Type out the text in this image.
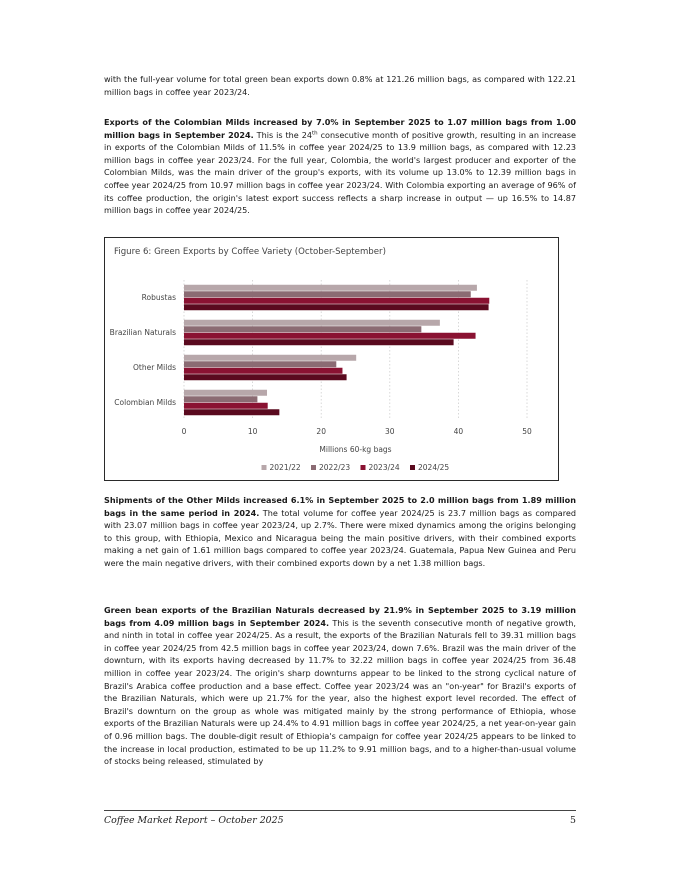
with the full-year volume for total green bean exports down 0.8% at 121.26 million bags, as compared with 122.21 million bags in coffee year 2023/24.

Exports of the Colombian Milds increased by 7.0% in September 2025 to 1.07 million bags from 1.00 million bags in September 2024. This is the 24th consecutive month of positive growth, resulting in an increase in exports of the Colombian Milds of 11.5% in coffee year 2024/25 to 13.9 million bags, as compared with 12.23 million bags in coffee year 2023/24. For the full year, Colombia, the world's largest producer and exporter of the Colombian Milds, was the main driver of the group's exports, with its volume up 13.0% to 12.39 million bags in coffee year 2024/25 from 10.97 million bags in coffee year 2023/24. With Colombia exporting an average of 96% of its coffee production, the origin's latest export success reflects a sharp increase in output — up 16.5% to 14.87 million bags in coffee year 2024/25.

Figure 6: Green Exports by Coffee Variety (October-September)
0	10	20	30	40	50
Robustas
Brazilian Naturals
Other Milds
Colombian Milds
Millions 60-kg bags
2021/22 2022/23 2023/24 2024/25

Shipments of the Other Milds increased 6.1% in September 2025 to 2.0 million bags from 1.89 million bags in the same period in 2024. The total volume for coffee year 2024/25 is 23.7 million bags as compared with 23.07 million bags in coffee year 2023/24, up 2.7%. There were mixed dynamics among the origins belonging to this group, with Ethiopia, Mexico and Nicaragua being the main positive drivers, with their combined exports making a net gain of 1.61 million bags compared to coffee year 2023/24. Guatemala, Papua New Guinea and Peru were the main negative drivers, with their combined exports down by a net 1.38 million bags.

Green bean exports of the Brazilian Naturals decreased by 21.9% in September 2025 to 3.19 million bags from 4.09 million bags in September 2024. This is the seventh consecutive month of negative growth, and ninth in total in coffee year 2024/25. As a result, the exports of the Brazilian Naturals fell to 39.31 million bags in coffee year 2024/25 from 42.5 million bags in coffee year 2023/24, down 7.6%. Brazil was the main driver of the downturn, with its exports having decreased by 11.7% to 32.22 million bags in coffee year 2024/25 from 36.48 million in coffee year 2023/24. The origin's sharp downturns appear to be linked to the strong cyclical nature of Brazil's Arabica coffee production and a base effect. Coffee year 2023/24 was an "on-year" for Brazil's exports of the Brazilian Naturals, which were up 21.7% for the year, also the highest export level recorded. The effect of Brazil's downturn on the group as whole was mitigated mainly by the strong performance of Ethiopia, whose exports of the Brazilian Naturals were up 24.4% to 4.91 million bags in coffee year 2024/25, a net year-on-year gain of 0.96 million bags. The double-digit result of Ethiopia's campaign for coffee year 2024/25 appears to be linked to the increase in local production, estimated to be up 11.2% to 9.91 million bags, and to a higher-than-usual volume of stocks being released, stimulated by

Coffee Market Report – October 2025	5
